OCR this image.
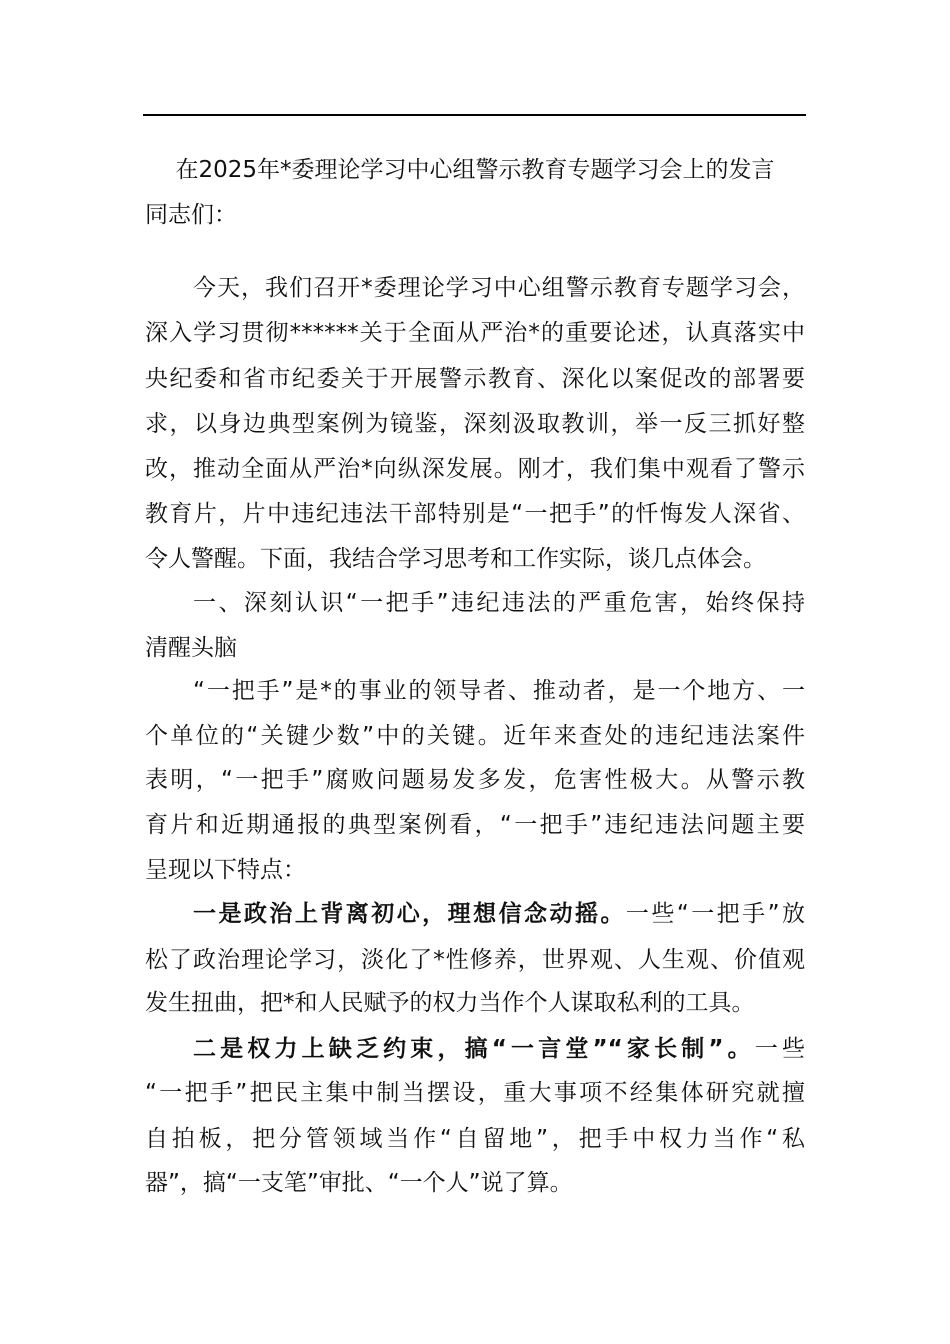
在2025年*委理论学习中心组警示教育专题学习会上的发言
同志们：
今天，我们召开*委理论学习中心组警示教育专题学习会，
深入学习贯彻******关于全面从严治*的重要论述，认真落实中
央纪委和省市纪委关于开展警示教育、深化以案促改的部署要
求，以身边典型案例为镜鉴，深刻汲取教训，举一反三抓好整
改，推动全面从严治*向纵深发展。刚才，我们集中观看了警示
教育片，片中违纪违法干部特别是“一把手”的忏悔发人深省、
令人警醒。下面，我结合学习思考和工作实际，谈几点体会。
一、深刻认识“一把手”违纪违法的严重危害，始终保持
清醒头脑
“一把手”是*的事业的领导者、推动者，是一个地方、一
个单位的“关键少数”中的关键。近年来查处的违纪违法案件
表明，“一把手”腐败问题易发多发，危害性极大。从警示教
育片和近期通报的典型案例看，“一把手”违纪违法问题主要
呈现以下特点：
一是政治上背离初心，理想信念动摇。一些“一把手”放
松了政治理论学习，淡化了*性修养，世界观、人生观、价值观
发生扭曲，把*和人民赋予的权力当作个人谋取私利的工具。
二是权力上缺乏约束，搞“一言堂”“家长制”。一些
“一把手”把民主集中制当摆设，重大事项不经集体研究就擅
自拍板，把分管领域当作“自留地”，把手中权力当作“私
器”，搞“一支笔”审批、“一个人”说了算。
